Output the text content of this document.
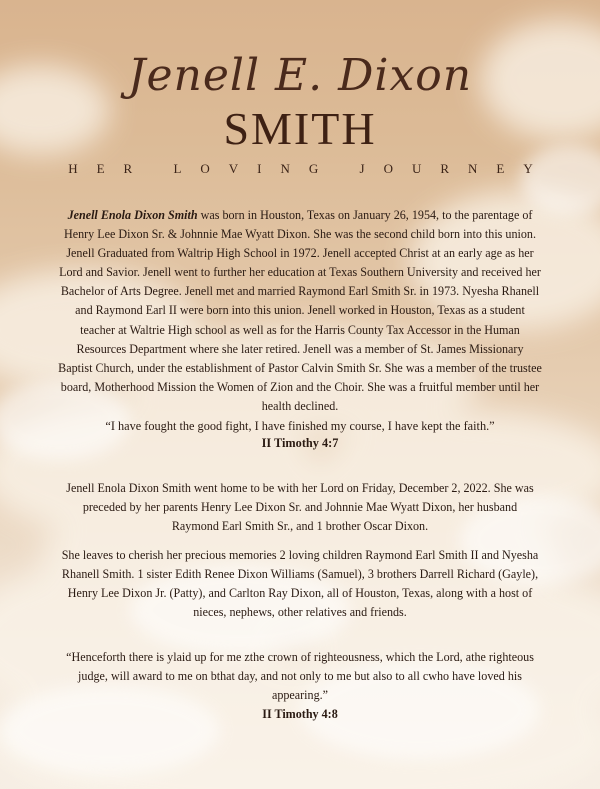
Jenell E. Dixon
SMITH
HER LOVING JOURNEY
Jenell Enola Dixon Smith was born in Houston, Texas on January 26, 1954, to the parentage of Henry Lee Dixon Sr. & Johnnie Mae Wyatt Dixon. She was the second child born into this union. Jenell Graduated from Waltrip High School in 1972. Jenell accepted Christ at an early age as her Lord and Savior. Jenell went to further her education at Texas Southern University and received her Bachelor of Arts Degree. Jenell met and married Raymond Earl Smith Sr. in 1973. Nyesha Rhanell and Raymond Earl II were born into this union. Jenell worked in Houston, Texas as a student teacher at Waltrie High school as well as for the Harris County Tax Accessor in the Human Resources Department where she later retired. Jenell was a member of St. James Missionary Baptist Church, under the establishment of Pastor Calvin Smith Sr. She was a member of the trustee board, Motherhood Mission the Women of Zion and the Choir. She was a fruitful member until her health declined.
“I have fought the good fight, I have finished my course, I have kept the faith.”
II Timothy 4:7
Jenell Enola Dixon Smith went home to be with her Lord on Friday, December 2, 2022. She was preceded by her parents Henry Lee Dixon Sr. and Johnnie Mae Wyatt Dixon, her husband Raymond Earl Smith Sr., and 1 brother Oscar Dixon.
She leaves to cherish her precious memories 2 loving children Raymond Earl Smith II and Nyesha Rhanell Smith. 1 sister Edith Renee Dixon Williams (Samuel), 3 brothers Darrell Richard (Gayle), Henry Lee Dixon Jr. (Patty), and Carlton Ray Dixon, all of Houston, Texas, along with a host of nieces, nephews, other relatives and friends.
“Henceforth there is ylaid up for me zthe crown of righteousness, which the Lord, athe righteous judge, will award to me on bthat day, and not only to me but also to all cwho have loved his appearing.”
II Timothy 4:8
